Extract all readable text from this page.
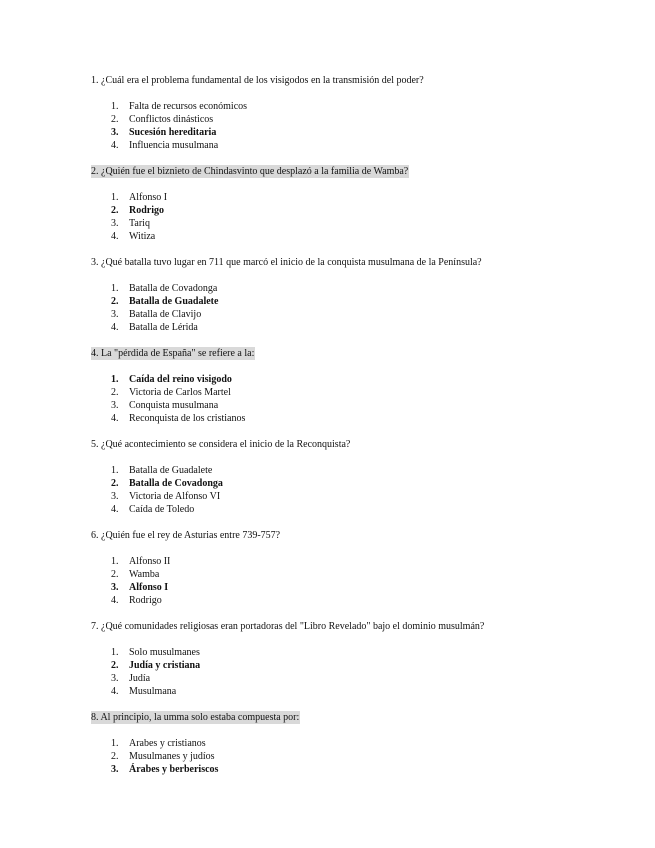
1. ¿Cuál era el problema fundamental de los visigodos en la transmisión del poder?

1. Falta de recursos económicos
2. Conflictos dinásticos
3. Sucesión hereditaria
4. Influencia musulmana

2. ¿Quién fue el biznieto de Chindasvinto que desplazó a la familia de Wamba?

1. Alfonso I
2. Rodrigo
3. Tariq
4. Witiza

3. ¿Qué batalla tuvo lugar en 711 que marcó el inicio de la conquista musulmana de la Península?

1. Batalla de Covadonga
2. Batalla de Guadalete
3. Batalla de Clavijo
4. Batalla de Lérida

4. La "pérdida de España" se refiere a la:

1. Caída del reino visigodo
2. Victoria de Carlos Martel
3. Conquista musulmana
4. Reconquista de los cristianos

5. ¿Qué acontecimiento se considera el inicio de la Reconquista?

1. Batalla de Guadalete
2. Batalla de Covadonga
3. Victoria de Alfonso VI
4. Caída de Toledo

6. ¿Quién fue el rey de Asturias entre 739-757?

1. Alfonso II
2. Wamba
3. Alfonso I
4. Rodrigo

7. ¿Qué comunidades religiosas eran portadoras del "Libro Revelado" bajo el dominio musulmán?

1. Solo musulmanes
2. Judía y cristiana
3. Judía
4. Musulmana

8. Al principio, la umma solo estaba compuesta por:

1. Arabes y cristianos
2. Musulmanes y judíos
3. Árabes y berberiscos
